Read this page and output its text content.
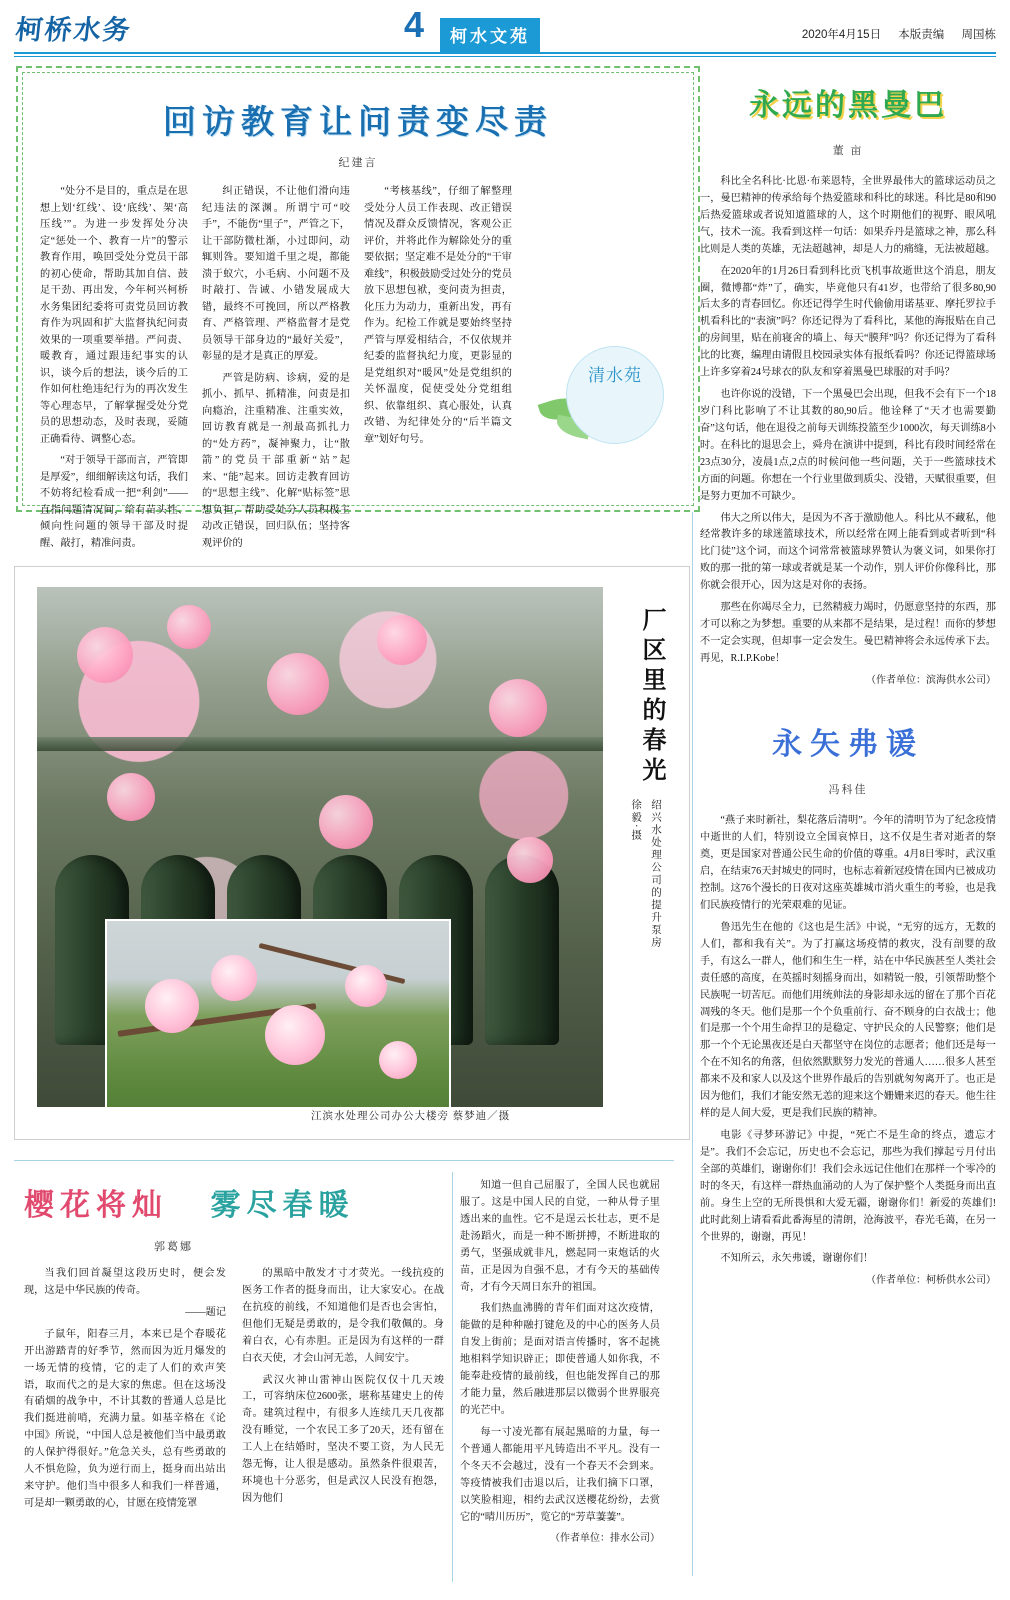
柯桥水务	4	柯水文苑	2020年4月15日 本版责编 周国栋
回访教育让问责变尽责
纪建言

“处分不是目的，重点是在思想上划‘红线’、设‘底线’、架‘高压线’”。为进一步发挥处分决定“惩处一个、教育一片”的警示教育作用，唤回受处分党员干部的初心使命，帮助其加自信、鼓足干劲、再出发，今年柯兴柯桥水务集团纪委将可责党员回访教育作为巩固和扩大监督执纪问责效果的一项重要举措。严问责、暖教育，通过跟违纪事实的认识，谈今后的想法，谈今后的工作如何杜绝违纪行为的再次发生等心理态早，了解掌握受处分党员的思想动态，及时表现，妥随正确看待、调整心态。

“对于领导干部而言，严管即是厚爱”，细细解读这句话，我们不妨将纪检看成一把“利剑”——直指问题清况间，给有苗头性、倾向性问题的领导干部及时提醒、敲打，精准问责。

纠正错误，不让他们滑向违纪违法的深渊。所谓宁可“咬手”，不能伤“里子”，严管之下，让干部防微杜渐，小过即问，动辄则咎。要知道千里之堤，都能溃于蚁穴，小毛病、小问题不及时敲打、告诫、小错发展成大错，最终不可挽回，所以严格教育、严格管理、严格监督才是党员领导干部身边的“最好关爱”，彰显的是才是真正的厚爱。

严管是防病、诊病，爱的是抓小、抓早、抓精准，问责是扣向瘾治，注重精准、注重实效，回访教育就是一剂最高抓扎力的“处方药”，凝神聚力，让“散箭”的党员干部重新“站”起来、“能”起来。回访走教育回访的“思想主线”、化解“贴标签”思想负担，帮助受处分人员积极主动改正错误，回归队伍；坚持客观评价的

“考核基线”，仔细了解整理受处分人员工作表现、改正错误情况及群众反馈情况，客观公正评价，并将此作为解除处分的重要依据；坚定难不是处分的“干审难线”，积极鼓励受过处分的党员放下思想包袱，变问责为担责，化压力为动力，重新出发，再有作为。纪检工作就是要始终坚持严管与厚爱相结合，不仅依规并纪委的监督执纪力度，更影显的是党组织对“暖风”处是党组织的关怀温度，促使受处分党组组织、依靠组织、真心服处，认真改错、为纪律处分的“后半篇文章”划好句号。

清水苑
厂区里的春光
绍兴水处理公司的提升泵房
徐毅·摄
江滨水处理公司办公大楼旁 蔡梦迪／摄
樱花将灿 雾尽春暖
郭葛娜

当我们回首凝望这段历史时，便会发现，这是中华民族的传奇。

——题记

子鼠年，阳春三月，本来已是个春暖花开出游踏青的好季节，然而因为近月爆发的一场无情的疫情，它的走了人们的欢声笑语，取而代之的是大家的焦虑。但在这场没有硝烟的战争中，不计其数的普通人总是比我们挺进前哨，充满力量。如基辛格在《论中国》所说，“中国人总是被他们当中最勇敢的人保护得很好。”危急关头，总有些勇敢的人不惧危险，负为逆行而上，挺身而出站出来守护。他们当中很多人和我们一样普通，可是却一颗勇敢的心，甘愿在疫情笼罩

的黑暗中散发才寸才荧光。一线抗疫的医务工作者的挺身而出，让大家安心。在战在抗疫的前线，不知道他们是否也会害怕，但他们无疑是勇敢的，是令我们敬佩的。身着白衣，心有赤胆。正是因为有这样的一群白衣天使，才会山河无恙，人间安宁。

武汉火神山雷神山医院仅仅十几天竣工，可容纳床位2600张，堪称基建史上的传奇。建筑过程中，有很多人连续几天几夜都没有睡觉，一个农民工多了20天，还有留在工人上在结婚时，坚决不要工资，为人民无怨无悔，让人很是感动。虽然条件很艰苦，环境也十分恶劣，但是武汉人民没有抱怨，因为他们

知道一但自己屈服了，全国人民也就屈服了。这是中国人民的自觉，一种从骨子里透出来的血性。它不是逞云长壮志，更不是赴汤蹈火，而是一种不断拼搏，不断进取的勇气，坚强成就非凡，燃起同一束炮话的火苗，正是因为自强不息，才有今天的基础传奇，才有今天周日东升的祖国。

我们热血沸腾的青年们面对这次疫情，能做的是种种融打键危及的中心的医务人员自发上街前；是面对语言传播时，客不起挑地相料学知识辟正；即使普通人如你我，不能奉赴疫情的最前线，但也能发挥自己的那才能力量，然后融进那层以微弱个世界服亮的光芒中。

每一寸凌光都有展起黑暗的力量，每一个普通人都能用平凡铸造出不平凡。没有一个冬天不会越过，没有一个春天不会到来。等疫情被我们击退以后，让我们摘下口罩，以笑脸相迎，相约去武汉送樱花纷纷，去赏它的“晴川历历”，览它的“芳草萋萋”。

（作者单位：排水公司）

永远的黑曼巴
董 亩

科比全名科比·比恩·布莱恩特，全世界最伟大的篮球运动员之一，曼巴精神的传承给每个热爱篮球和科比的球迷。科比是80和90后热爱篮球或者说知道篮球的人，这个时期他们的视野、眼风吼气，技术一流。我看到这样一句话：如果乔丹是篮球之神，那么科比则是人类的英雄，无法超越神，却是人力的痛缝，无法被超越。

在2020年的1月26日看到科比贡飞机事故逝世这个消息，朋友圈，微博都“炸”了，确实，毕竟他只有41岁，也带给了很多80,90后太多的青春回忆。你还记得学生时代偷偷用诺基亚、摩托罗拉手机看科比的“表演”吗？你还记得为了看科比，某他的海报贴在自己的房间里，贴在前寝舍的墙上、每天“膜拜”吗？你还记得为了看科比的比赛，编理由请假且校园录实体有报纸看吗？你还记得篮球场上许多穿着24号球衣的队友和穿着黑曼巴球服的对手吗？

也许你说的没错，下一个黑曼巴会出现，但我不会有下一个18岁门科比影响了不让其数的80,90后。他诠释了“天才也需要勤奋”这句话，他在退役之前每天训练投篮至少1000次，每天训练8小时。在科比的退思会上，舜舟在演讲中提到，科比有段时间经常在23点30分，凌晨1点,2点的时候问他一些问题，关于一些篮球技术方面的问题。你想在一个行业里做到质尖、没错，天赋很重要，但是努力更加不可缺少。

伟大之所以伟大，是因为不吝于激励他人。科比从不藏私，他经常教许多的球迷篮球技术，所以经常在网上能看到或者听到“科比门徒”这个词，而这个词常常被篮球界赞认为褒义词，如果你打败的那一批的第一球或者就是某一个动作，别人评价你像科比，那你就会很开心，因为这是对你的表扬。

那些在你竭尽全力，已然精疲力竭时，仍愿意坚持的东西，那才可以称之为梦想。重要的从来都不是结果，是过程！而你的梦想不一定会实现，但却事一定会发生。曼巴精神将会永远传承下去。再见，R.I.P.Kobe！

（作者单位：滨海供水公司）

永矢弗谖
冯科佳

“燕子来时新社，梨花落后清明”。今年的清明节为了纪念疫情中逝世的人们，特别设立全国哀悼日，这不仅是生者对逝者的祭奠，更是国家对普通公民生命的价值的尊重。4月8日零时，武汉重启，在结束76天封城史的同时，也标志着新冠疫情在国内已被成功控制。这76个漫长的日夜对这座英雄城市消火重生的考验，也是我们民族疫情行的光荣艰难的见证。

鲁迅先生在他的《这也是生活》中说，“无穷的远方，无数的人们，都和我有关”。为了打赢这场疫情的救灾，没有剖婴的敌手，有这么一群人，他们和生生一样，站在中华民族甚至人类社会责任感的高度，在英摇时刻摇身而出，如精锐一般，引领帮助整个民族呢一切苦厄。而他们用统帅法的身影却永远的留在了那个百花凋残的冬天。他们是那一个个负重前行、奋不顾身的白衣战士；他们是那一个个用生命捍卫的是稳定、守护民众的人民警察；他们是那一个个无论黑夜还是白天都坚守在岗位的志愿者；他们还是每一个在不知名的角落，但依然默默努力发光的普通人……很多人甚至都来不及和家人以及这个世界作最后的告别就匆匆离开了。也正是因为他们，我们才能安然无恙的迎来这个姗姗来迟的春天。他生往样的是人间大爱，更是我们民族的精神。

电影《寻梦环游记》中提，“死亡不是生命的终点，遗忘才是”。我们不会忘记，历史也不会忘记，那些为我们撑起亏月付出全部的英雄们，谢谢你们！我们会永远记住他们在那样一个零冷的时的冬天，有这样一群热血涌动的人为了保护整个人类挺身而出直前。身生上空的无所畏惧和大爱无疆，谢谢你们！新爱的英雄们!此时此刻上请看看此番海星的清朗，沧海波平，春光毛蔼，在另一个世界的，谢谢，再见！

不知所云，永矢弗谖，谢谢你们！

（作者单位：柯桥供水公司）
